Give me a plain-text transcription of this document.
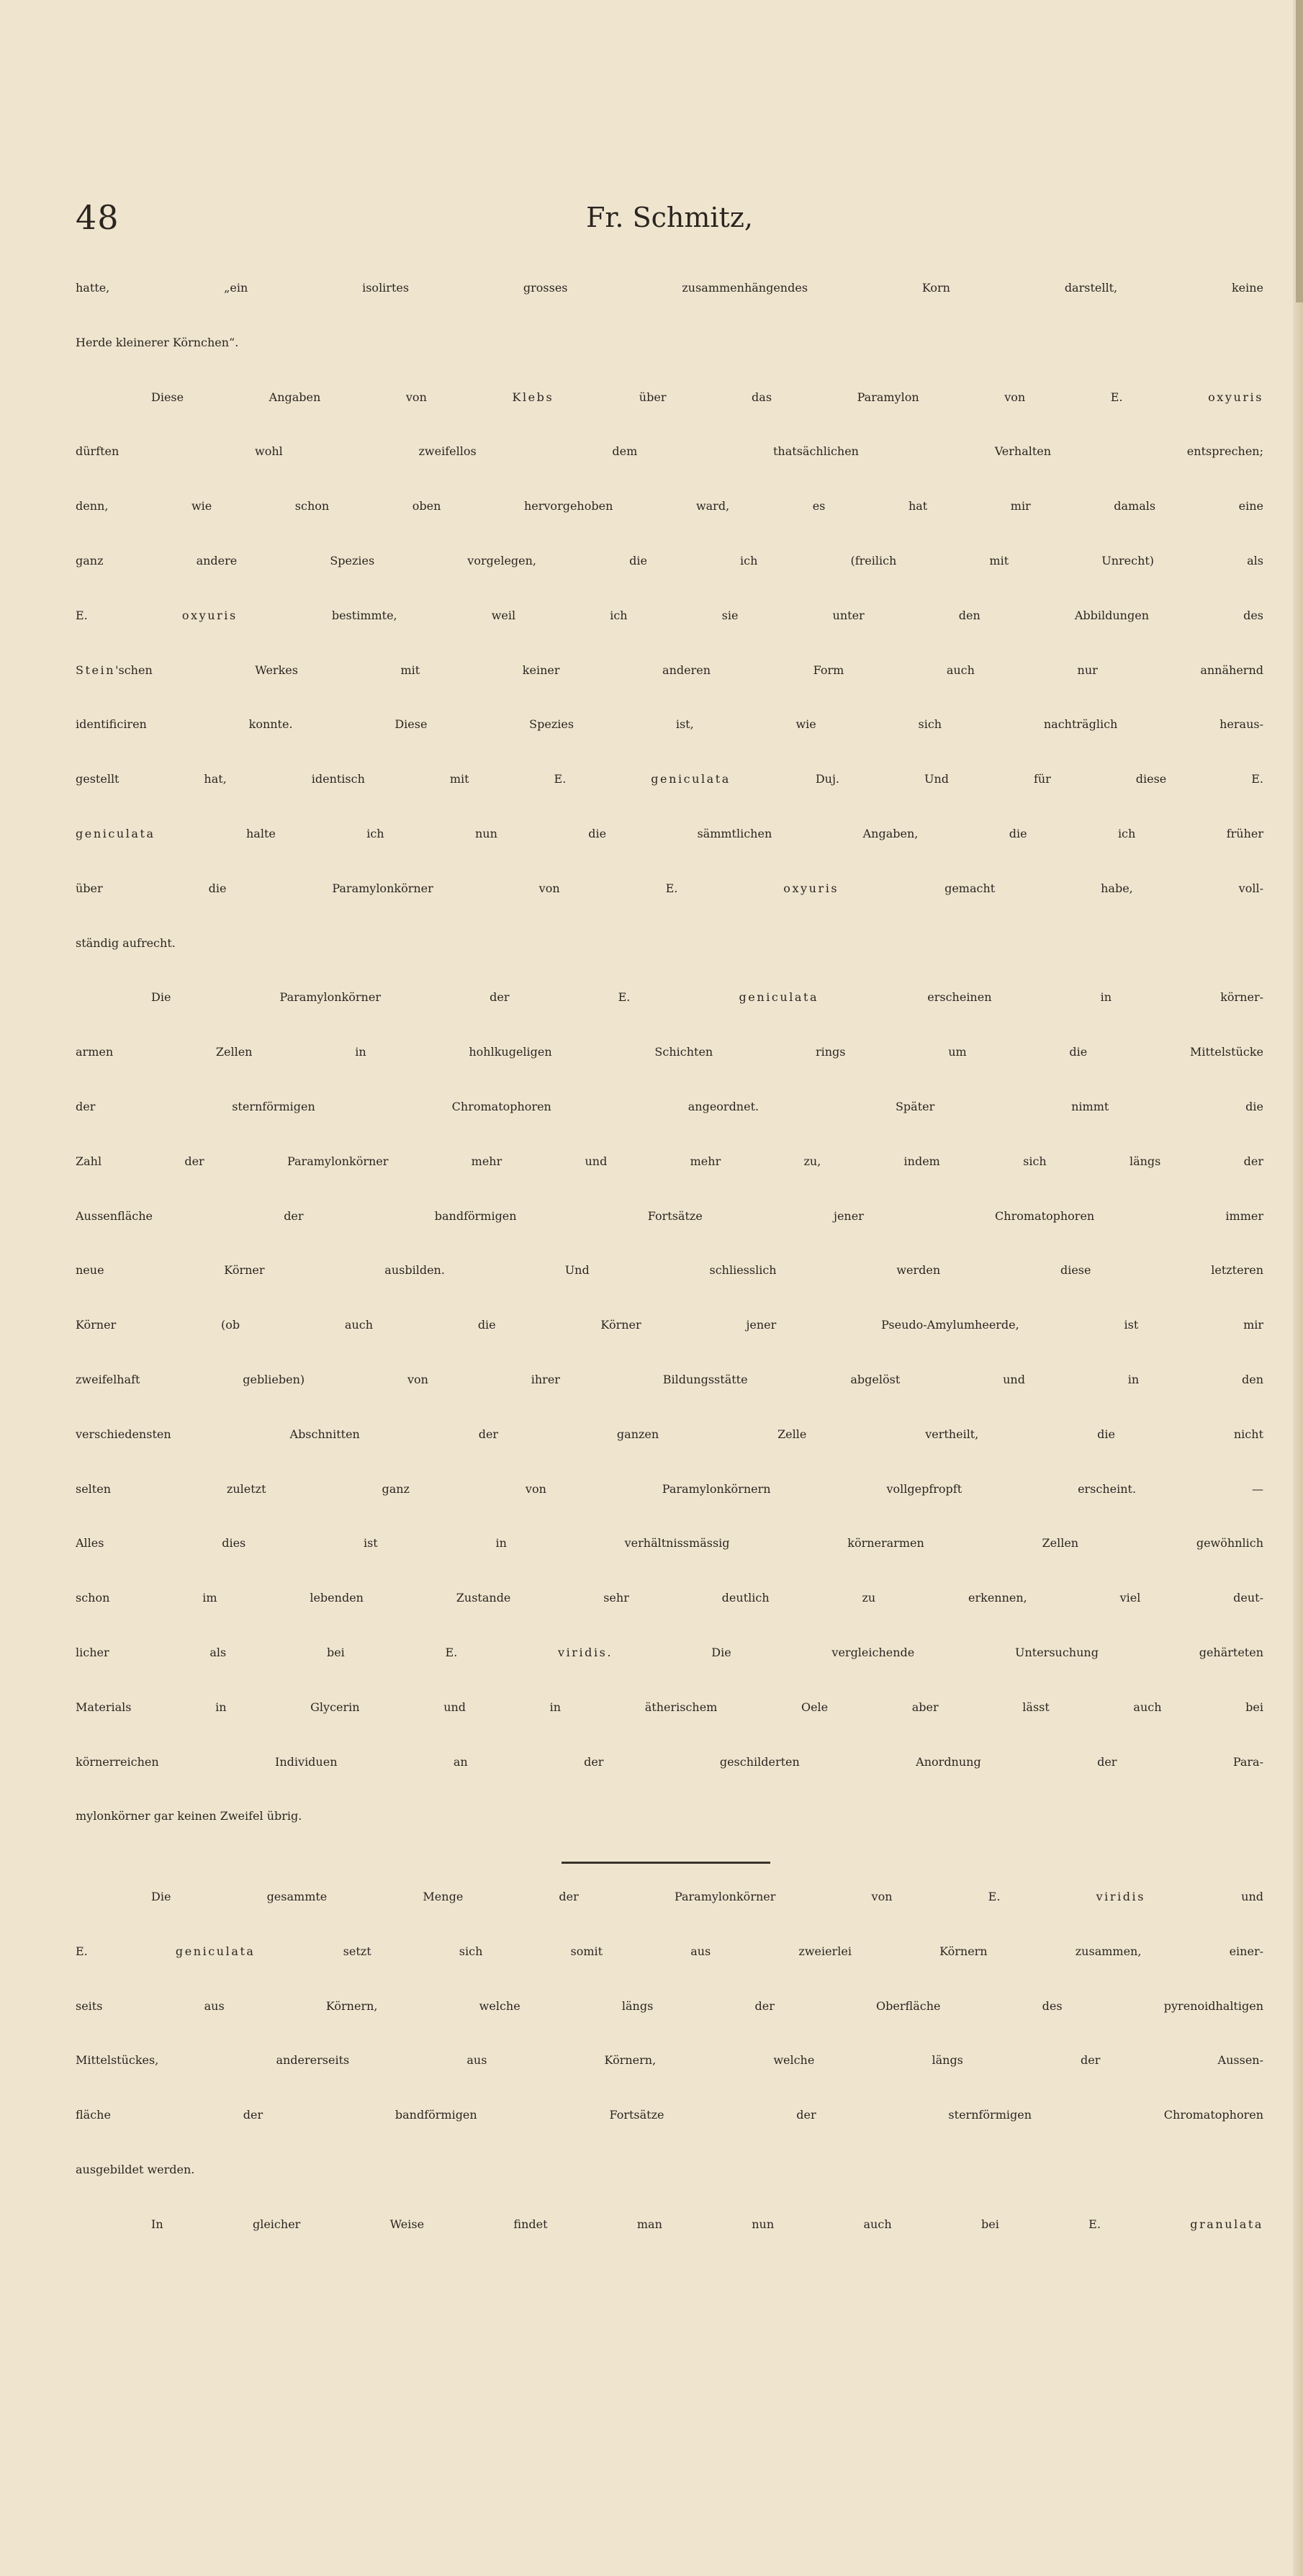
48	Fr. Schmitz,
hatte, „ein isolirtes grosses zusammenhängendes Korn darstellt, keine
Herde kleinerer Körnchen“.
Diese Angaben von Klebs über das Paramylon von E. oxyuris
dürften wohl zweifellos dem thatsächlichen Verhalten entsprechen;
denn, wie schon oben hervorgehoben ward, es hat mir damals eine
ganz andere Spezies vorgelegen, die ich (freilich mit Unrecht) als
E. oxyuris bestimmte, weil ich sie unter den Abbildungen des
Stein'schen Werkes mit keiner anderen Form auch nur annähernd
identificiren konnte. Diese Spezies ist, wie sich nachträglich heraus-
gestellt hat, identisch mit E. geniculata Duj. Und für diese E.
geniculata halte ich nun die sämmtlichen Angaben, die ich früher
über die Paramylonkörner von E. oxyuris gemacht habe, voll-
ständig aufrecht.
Die Paramylonkörner der E. geniculata erscheinen in körner-
armen Zellen in hohlkugeligen Schichten rings um die Mittelstücke
der sternförmigen Chromatophoren angeordnet. Später nimmt die
Zahl der Paramylonkörner mehr und mehr zu, indem sich längs der
Aussenfläche der bandförmigen Fortsätze jener Chromatophoren immer
neue Körner ausbilden. Und schliesslich werden diese letzteren
Körner (ob auch die Körner jener Pseudo-Amylumheerde, ist mir
zweifelhaft geblieben) von ihrer Bildungsstätte abgelöst und in den
verschiedensten Abschnitten der ganzen Zelle vertheilt, die nicht
selten zuletzt ganz von Paramylonkörnern vollgepfropft erscheint. —
Alles dies ist in verhältnissmässig körnerarmen Zellen gewöhnlich
schon im lebenden Zustande sehr deutlich zu erkennen, viel deut-
licher als bei E. viridis. Die vergleichende Untersuchung gehärteten
Materials in Glycerin und in ätherischem Oele aber lässt auch bei
körnerreichen Individuen an der geschilderten Anordnung der Para-
mylonkörner gar keinen Zweifel übrig.
Die gesammte Menge der Paramylonkörner von E. viridis und
E. geniculata setzt sich somit aus zweierlei Körnern zusammen, einer-
seits aus Körnern, welche längs der Oberfläche des pyrenoidhaltigen
Mittelstückes, andererseits aus Körnern, welche längs der Aussen-
fläche der bandförmigen Fortsätze der sternförmigen Chromatophoren
ausgebildet werden.
In gleicher Weise findet man nun auch bei E. granulata
